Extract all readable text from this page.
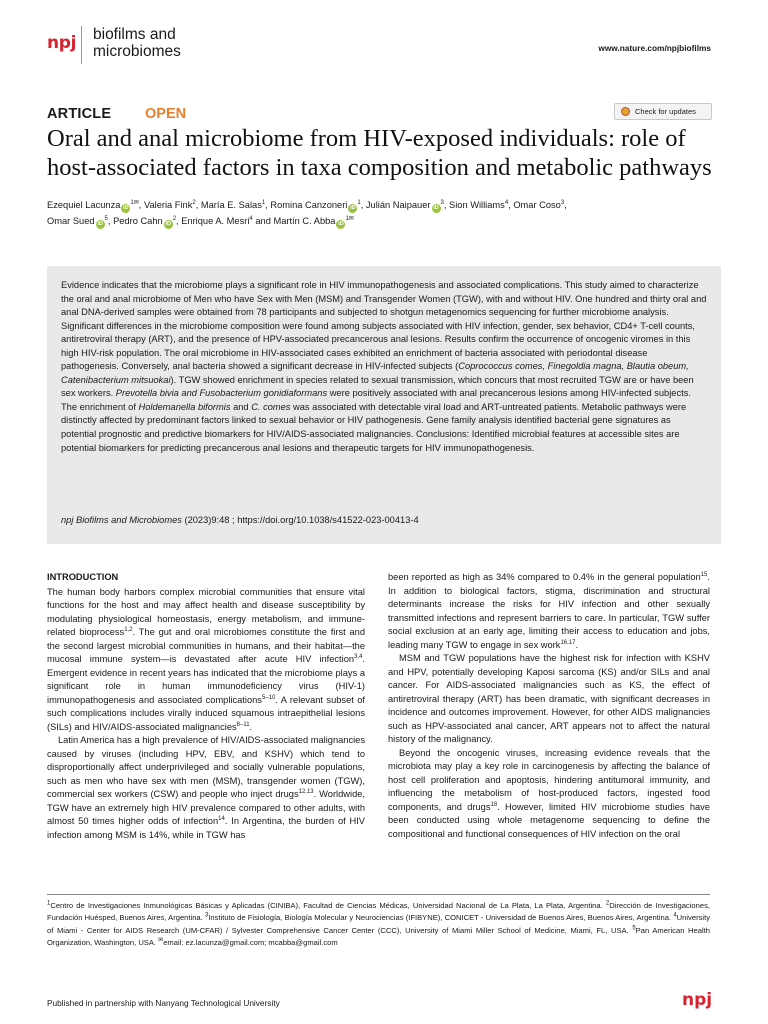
npj biofilms and
microbiomes	www.nature.com/npjbiofilms
ARTICLE OPEN	Check for updates
Oral and anal microbiome from HIV-exposed individuals: role of host-associated factors in taxa composition and metabolic pathways
Ezequiel Lacunza $iD^{1✉}$, Valeria Fink$^2$, María E. Salas$^1$, Romina Canzoneri $iD^1$, Julián Naipauer $iD^3$, Sion Williams$^4$, Omar Coso$^3$,
Omar Sued $iD^5$, Pedro Cahn $iD^2$, Enrique A. Mesri$^4$ and Martín C. Abba $iD^{1✉}$
Evidence indicates that the microbiome plays a significant role in HIV immunopathogenesis and associated complications. This study aimed to characterize the oral and anal microbiome of Men who have Sex with Men (MSM) and Transgender Women (TGW), with and without HIV. One hundred and thirty oral and anal DNA-derived samples were obtained from 78 participants and subjected to shotgun metagenomics sequencing for further microbiome analysis. Significant differences in the microbiome composition were found among subjects associated with HIV infection, gender, sex behavior, CD4+ T-cell counts, antiretroviral therapy (ART), and the presence of HPV-associated precancerous anal lesions. Results confirm the occurrence of oncogenic viromes in this high HIV-risk population. The oral microbiome in HIV-associated cases exhibited an enrichment of bacteria associated with periodontal disease pathogenesis. Conversely, anal bacteria showed a significant decrease in HIV-infected subjects (Coprococcus comes, Finegoldia magna, Blautia obeum, Catenibacterium mitsuokai). TGW showed enrichment in species related to sexual transmission, which concurs that most recruited TGW are or have been sex workers. Prevotella bivia and Fusobacterium gonidiaformans were positively associated with anal precancerous lesions among HIV-infected subjects. The enrichment of Holdemanella biformis and C. comes was associated with detectable viral load and ART-untreated patients. Metabolic pathways were distinctly affected by predominant factors linked to sexual behavior or HIV pathogenesis. Gene family analysis identified bacterial gene signatures as potential prognostic and predictive biomarkers for HIV/AIDS-associated malignancies. Conclusions: Identified microbial features at accessible sites are potential biomarkers for predicting precancerous anal lesions and therapeutic targets for HIV immunopathogenesis.
npj Biofilms and Microbiomes (2023)9:48 ; https://doi.org/10.1038/s41522-023-00413-4
INTRODUCTION

The human body harbors complex microbial communities that ensure vital functions for the host and may affect health and disease susceptibility by modulating physiological homeostasis, energy metabolism, and immune-related bioprocess$^{1,2}$. The gut and oral microbiomes constitute the first and the second largest microbial communities in humans, and their habitat—the mucosal immune system—is devastated after acute HIV infection$^{3,4}$. Emergent evidence in recent years has indicated that the microbiome plays a significant role in human immunodeficiency virus (HIV-1) immunopathogenesis and associated complications$^{5-10}$. A relevant subset of such complications includes virally induced squamous intraepithelial lesions (SILs) and HIV/AIDS-associated malignancies$^{8-11}$.

Latin America has a high prevalence of HIV/AIDS-associated malignancies caused by viruses (including HPV, EBV, and KSHV) which tend to disproportionally affect underprivileged and socially vulnerable populations, such as men who have sex with men (MSM), transgender women (TGW), commercial sex workers (CSW) and people who inject drugs$^{12,13}$. Worldwide, TGW have an extremely high HIV prevalence compared to other adults, with almost 50 times higher odds of infection$^{14}$. In Argentina, the burden of HIV infection among MSM is 14%, while in TGW has

been reported as high as 34% compared to 0.4% in the general population$^{15}$. In addition to biological factors, stigma, discrimination and structural determinants increase the risks for HIV infection and other sexually transmitted infections and represent barriers to care. In particular, TGW suffer social exclusion at an early age, limiting their access to education and jobs, leading many TGW to engage in sex work$^{16,17}$.

MSM and TGW populations have the highest risk for infection with KSHV and HPV, potentially developing Kaposi sarcoma (KS) and/or SILs and anal cancer. For AIDS-associated malignancies such as KS, the effect of antiretroviral therapy (ART) has been dramatic, with significant decreases in incidence and outcomes improvement. However, for other AIDS malignancies such as HPV-associated anal cancer, ART appears not to affect the natural history of the malignancy.

Beyond the oncogenic viruses, increasing evidence reveals that the microbiota may play a key role in carcinogenesis by affecting the balance of host cell proliferation and apoptosis, hindering antitumoral immunity, and influencing the metabolism of host-produced factors, ingested food components, and drugs$^{18}$. However, limited HIV microbiome studies have been conducted using whole metagenome sequencing to define the compositional and functional consequences of HIV infection on the oral

$^1$Centro de Investigaciones Inmunológicas Básicas y Aplicadas (CINIBA), Facultad de Ciencias Médicas, Universidad Nacional de La Plata, La Plata, Argentina. $^2$Dirección de Investigaciones, Fundación Huésped, Buenos Aires, Argentina. $^3$Instituto de Fisiología, Biología Molecular y Neurociencias (IFIBYNE), CONICET - Universidad de Buenos Aires, Buenos Aires, Argentina. $^4$University of Miami - Center for AIDS Research (UM-CFAR) / Sylvester Comprehensive Cancer Center (CCC), University of Miami Miller School of Medicine, Miami, FL, USA. $^5$Pan American Health Organization, Washington, USA. ✉email: ez.lacunza@gmail.com; mcabba@gmail.com
Published in partnership with Nanyang Technological University	npj
